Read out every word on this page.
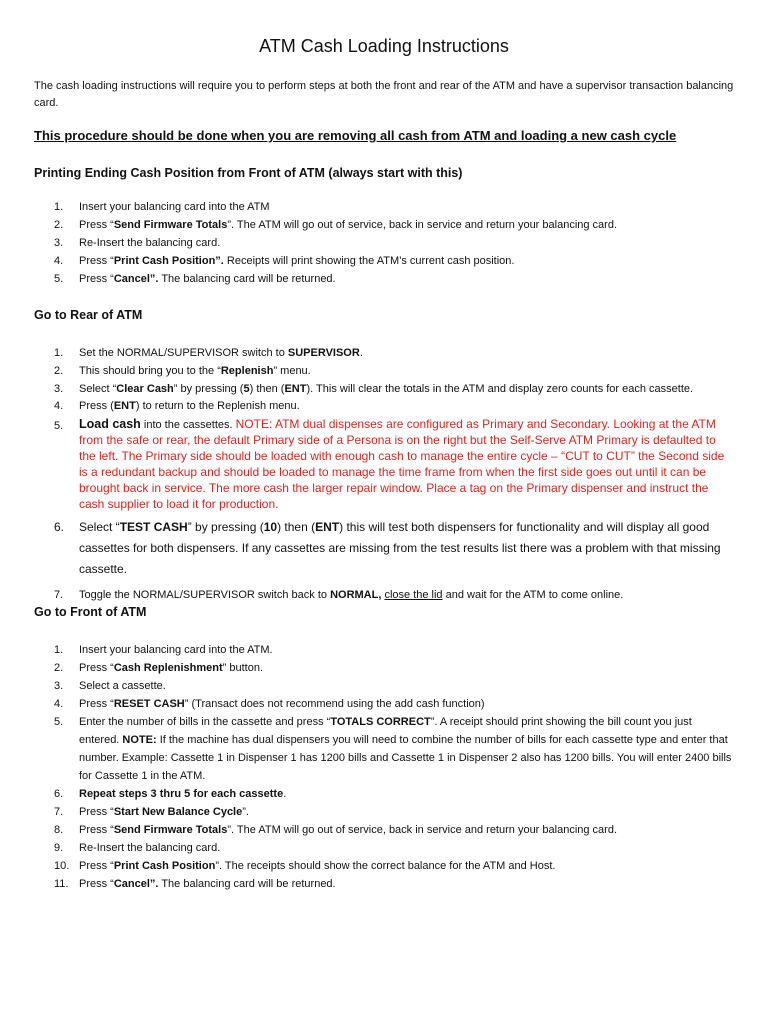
ATM Cash Loading Instructions

The cash loading instructions will require you to perform steps at both the front and rear of the ATM and have a supervisor transaction balancing card.

This procedure should be done when you are removing all cash from ATM and loading a new cash cycle

Printing Ending Cash Position from Front of ATM (always start with this)

1. Insert your balancing card into the ATM
2. Press “Send Firmware Totals”. The ATM will go out of service, back in service and return your balancing card.
3. Re-Insert the balancing card.
4. Press “Print Cash Position”. Receipts will print showing the ATM’s current cash position.
5. Press “Cancel”. The balancing card will be returned.

Go to Rear of ATM

1. Set the NORMAL/SUPERVISOR switch to SUPERVISOR.
2. This should bring you to the “Replenish” menu.
3. Select “Clear Cash” by pressing (5) then (ENT). This will clear the totals in the ATM and display zero counts for each cassette.
4. Press (ENT) to return to the Replenish menu.
5. Load cash into the cassettes. NOTE: ATM dual dispenses are configured as Primary and Secondary. Looking at the ATM from the safe or rear, the default Primary side of a Persona is on the right but the Self-Serve ATM Primary is defaulted to the left. The Primary side should be loaded with enough cash to manage the entire cycle – “CUT to CUT” the Second side is a redundant backup and should be loaded to manage the time frame from when the first side goes out until it can be brought back in service. The more cash the larger repair window. Place a tag on the Primary dispenser and instruct the cash supplier to load it for production.
6. Select “TEST CASH” by pressing (10) then (ENT) this will test both dispensers for functionality and will display all good cassettes for both dispensers. If any cassettes are missing from the test results list there was a problem with that missing cassette.
7. Toggle the NORMAL/SUPERVISOR switch back to NORMAL, close the lid and wait for the ATM to come online.

Go to Front of ATM

1. Insert your balancing card into the ATM.
2. Press “Cash Replenishment” button.
3. Select a cassette.
4. Press “RESET CASH” (Transact does not recommend using the add cash function)
5. Enter the number of bills in the cassette and press “TOTALS CORRECT”. A receipt should print showing the bill count you just entered. NOTE: If the machine has dual dispensers you will need to combine the number of bills for each cassette type and enter that number. Example: Cassette 1 in Dispenser 1 has 1200 bills and Cassette 1 in Dispenser 2 also has 1200 bills. You will enter 2400 bills for Cassette 1 in the ATM.
6. Repeat steps 3 thru 5 for each cassette.
7. Press “Start New Balance Cycle”.
8. Press “Send Firmware Totals”. The ATM will go out of service, back in service and return your balancing card.
9. Re-Insert the balancing card.
10. Press “Print Cash Position”. The receipts should show the correct balance for the ATM and Host.
11. Press “Cancel”. The balancing card will be returned.
